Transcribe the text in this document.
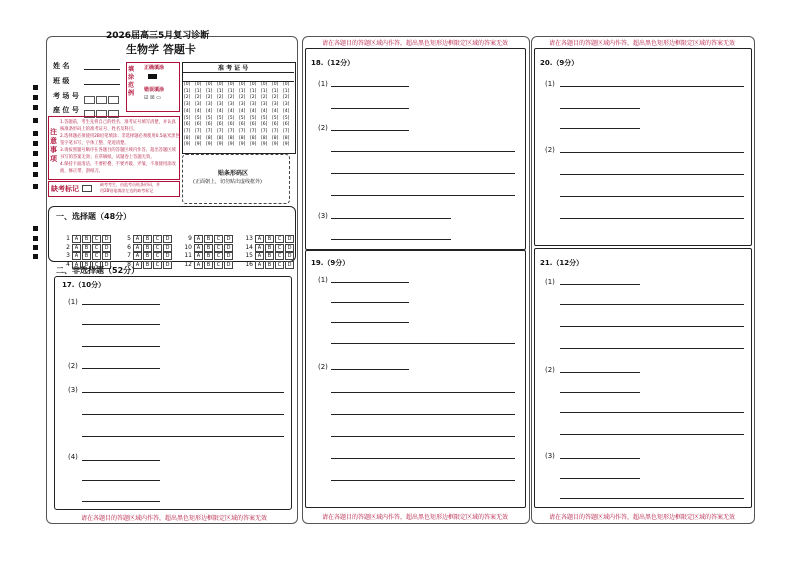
2026届高三5月复习诊断
生物学 答题卡
姓 名
班 级
考 场 号
座 位 号
填涂范例
正确填涂
错误填涂
☑ ☒ ▭
准 考 证 号
[0] [0] [0] [0] [0] [0] [0] [0] [0] [0]
[1] [1] [1] [1] [1] [1] [1] [1] [1] [1]
[2] [2] [2] [2] [2] [2] [2] [2] [2] [2]
[3] [3] [3] [3] [3] [3] [3] [3] [3] [3]
[4] [4] [4] [4] [4] [4] [4] [4] [4] [4]
[5] [5] [5] [5] [5] [5] [5] [5] [5] [5]
[6] [6] [6] [6] [6] [6] [6] [6] [6] [6]
[7] [7] [7] [7] [7] [7] [7] [7] [7] [7]
[8] [8] [8] [8] [8] [8] [8] [8] [8] [8]
[9] [9] [9] [9] [9] [9] [9] [9] [9] [9]
注意事项
1.答题前，考生先将自己的姓名、准考证号填写清楚，并认真
核准条形码上的准考证号、姓名及科目。
2.选择题必须使用2B铅笔填涂；非选择题必须使用0.5毫米黑色
签字笔书写，字体工整、笔迹清楚。
3.请按照题号顺序在各题目的答题区域内作答，超出答题区域
书写的答案无效；在草稿纸、试题卷上答题无效。
4.保持卡面清洁，不要折叠、不要弄破、弄皱，不准使用涂改
液、修正带、刮纸刀。	贴条形码区
(正面朝上，切勿贴出虚线框外)
缺考标记
缺考考生，由监考员贴条形码，并
用2B铅笔填涂左边的缺考标记
一、选择题（48分）
1 A B C D
2 A B C D
3 A B C D
4 A B C D
5 A B C D
6 A B C D
7 A B C D
8 A B C D
9 A B C D
10 A B C D
11 A B C D
12 A B C D
13 A B C D
14 A B C D
15 A B C D
16 A B C D
二、非选择题（52分）
17.（10分）
(1)
(2)
(3)
(4)
请在各题目的答题区域内作答，超出黑色矩形边框限定区域的答案无效
请在各题目的答题区域内作答，超出黑色矩形边框限定区域的答案无效
18.（12分）
(1)
(2)
(3)
19.（9分）
(1)
(2)
请在各题目的答题区域内作答，超出黑色矩形边框限定区域的答案无效
请在各题目的答题区域内作答，超出黑色矩形边框限定区域的答案无效
20.（9分）
(1)
(2)
21.（12分）
(1)
(2)
(3)
请在各题目的答题区域内作答，超出黑色矩形边框限定区域的答案无效
